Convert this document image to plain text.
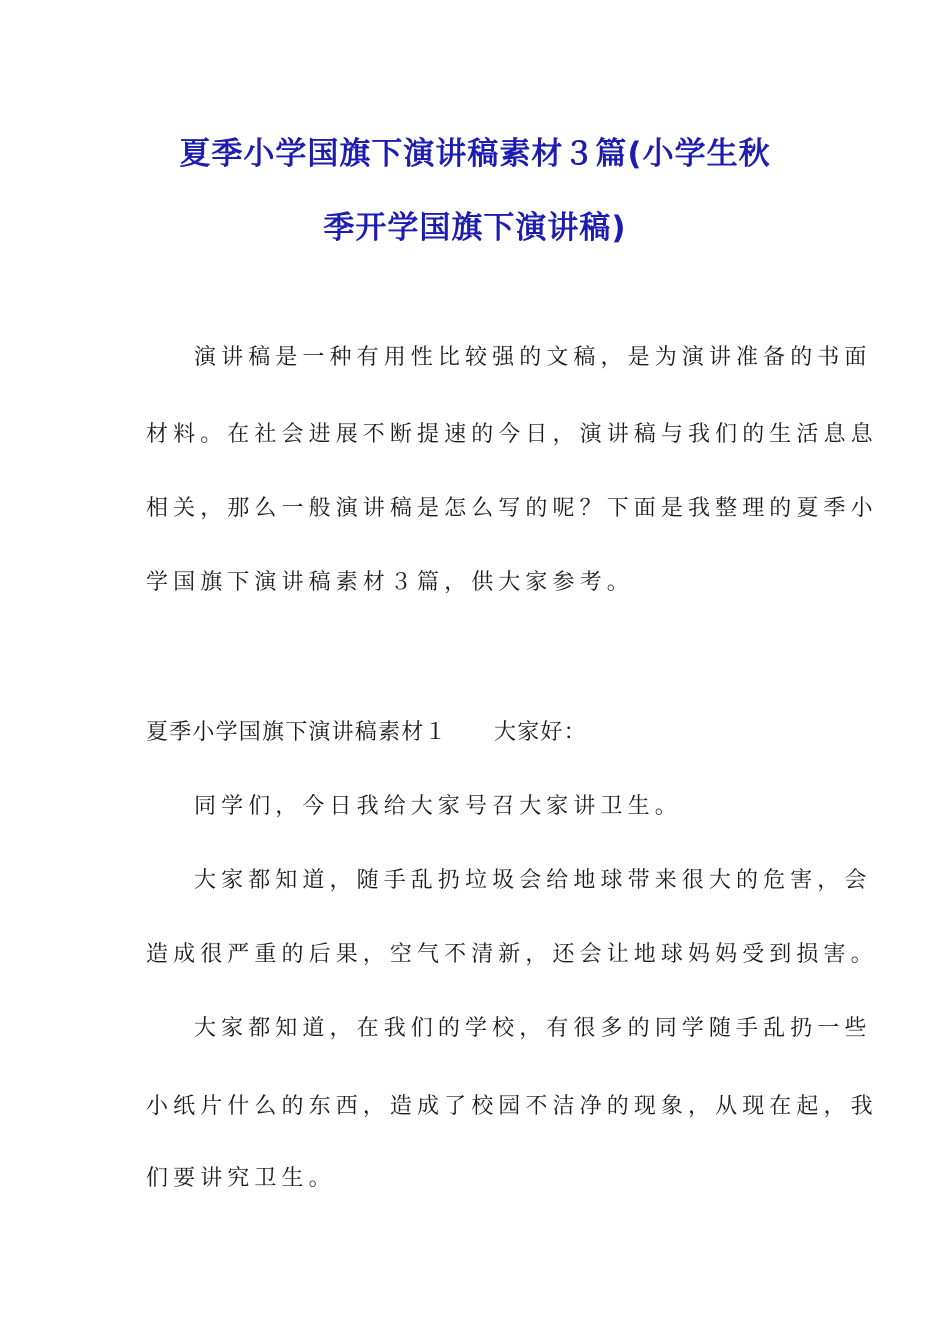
夏季小学国旗下演讲稿素材３篇(小学生秋
季开学国旗下演讲稿)
演讲稿是一种有用性比较强的文稿，是为演讲准备的书面
材料。在社会进展不断提速的今日，演讲稿与我们的生活息息
相关，那么一般演讲稿是怎么写的呢？下面是我整理的夏季小
学国旗下演讲稿素材３篇，供大家参考。
夏季小学国旗下演讲稿素材１　　大家好：
同学们，今日我给大家号召大家讲卫生。
大家都知道，随手乱扔垃圾会给地球带来很大的危害，会
造成很严重的后果，空气不清新，还会让地球妈妈受到损害。
大家都知道，在我们的学校，有很多的同学随手乱扔一些
小纸片什么的东西，造成了校园不洁净的现象，从现在起，我
们要讲究卫生。
